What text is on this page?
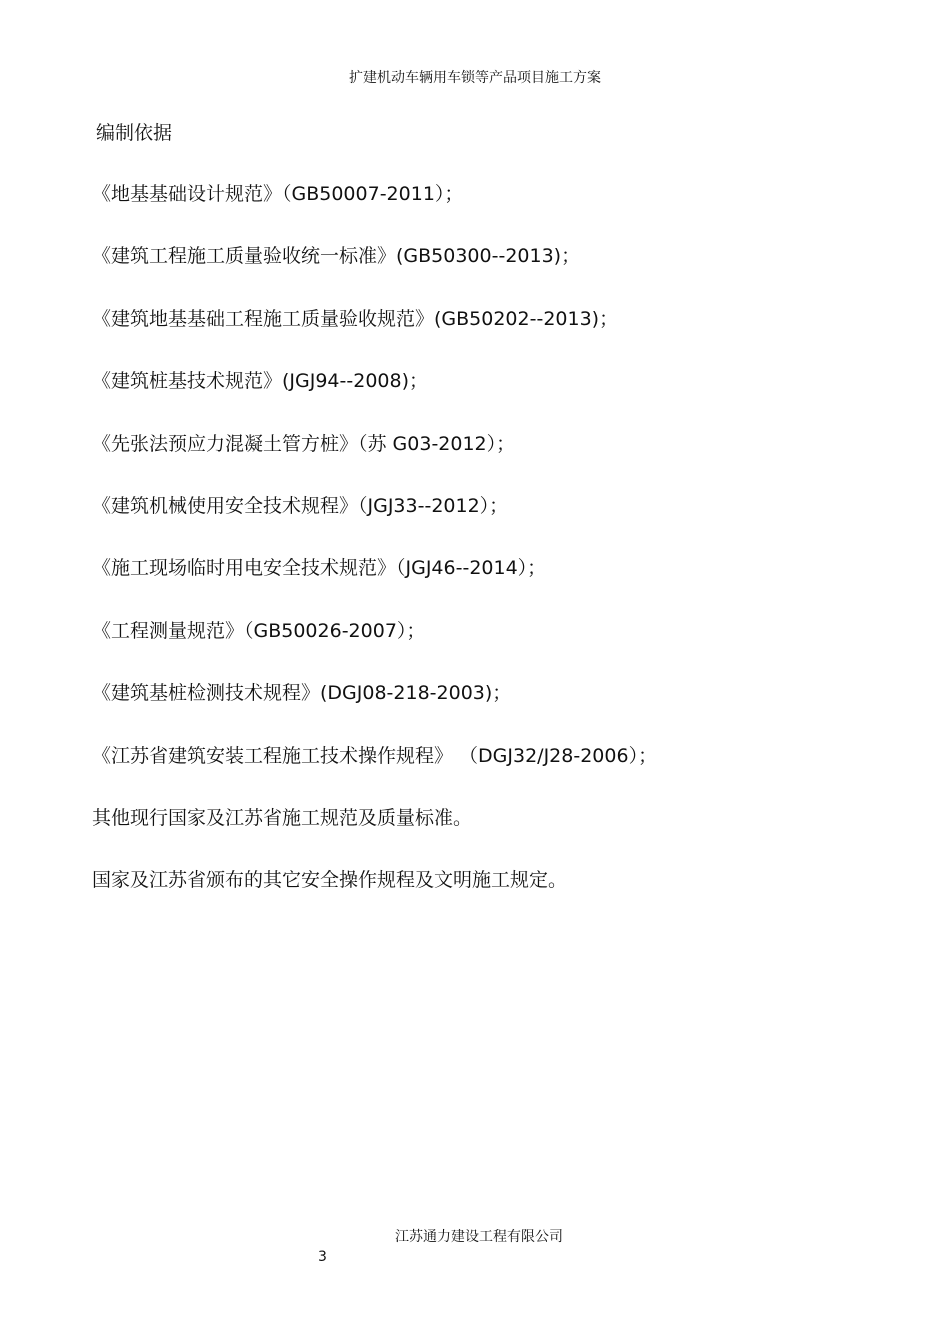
扩建机动车辆用车锁等产品项目施工方案
编制依据
《地基基础设计规范》（GB50007-2011）；
《建筑工程施工质量验收统一标准》(GB50300--2013)；
《建筑地基基础工程施工质量验收规范》(GB50202--2013)；
《建筑桩基技术规范》(JGJ94--2008)；
《先张法预应力混凝土管方桩》（苏 G03-2012）；
《建筑机械使用安全技术规程》（JGJ33--2012）；
《施工现场临时用电安全技术规范》（JGJ46--2014）；
《工程测量规范》（GB50026-2007）；
《建筑基桩检测技术规程》(DGJ08-218-2003)；
《江苏省建筑安装工程施工技术操作规程》 （DGJ32/J28-2006）；
其他现行国家及江苏省施工规范及质量标准。
国家及江苏省颁布的其它安全操作规程及文明施工规定。
江苏通力建设工程有限公司
3
